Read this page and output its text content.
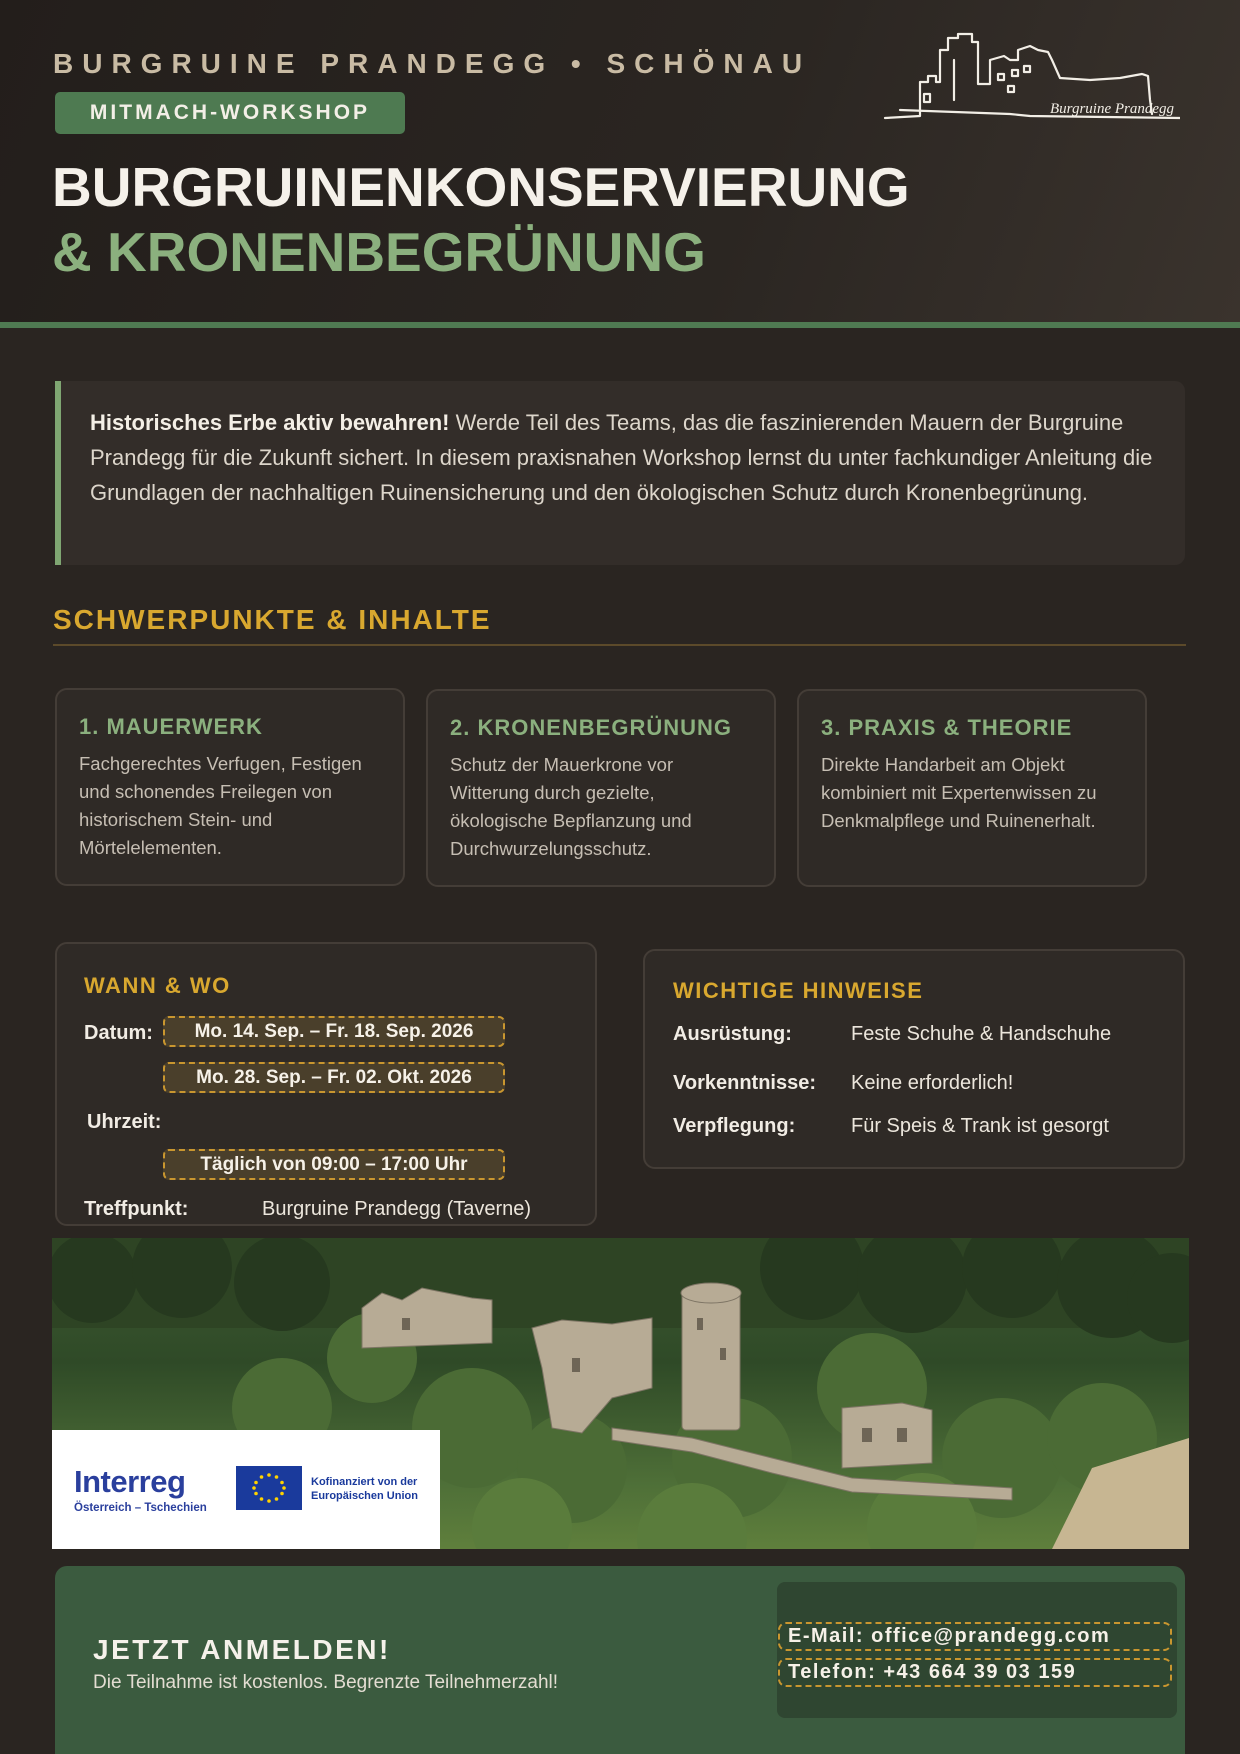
BURGRUINE PRANDEGG • SCHÖNAU
MITMACH-WORKSHOP
BURGRUINENKONSERVIERUNG
& KRONENBEGRÜNUNG
Burgruine Prandegg
Historisches Erbe aktiv bewahren! Werde Teil des Teams, das die faszinierenden Mauern der Burgruine Prandegg für die Zukunft sichert. In diesem praxisnahen Workshop lernst du unter fachkundiger Anleitung die Grundlagen der nachhaltigen Ruinensicherung und den ökologischen Schutz durch Kronenbegrünung.
SCHWERPUNKTE & INHALTE
1. MAUERWERK

Fachgerechtes Verfugen, Festigen und schonendes Freilegen von historischem Stein- und Mörtelelementen.

2. KRONENBEGRÜNUNG

Schutz der Mauerkrone vor Witterung durch gezielte, ökologische Bepflanzung und Durchwurzelungsschutz.

3. PRAXIS & THEORIE

Direkte Handarbeit am Objekt kombiniert mit Expertenwissen zu Denkmalpflege und Ruinenerhalt.

WANN & WO
Datum:	Mo. 14. Sep. – Fr. 18. Sep. 2026
Mo. 28. Sep. – Fr. 02. Okt. 2026
Uhrzeit:
Täglich von 09:00 – 17:00 Uhr
Treffpunkt:	Burgruine Prandegg (Taverne)
WICHTIGE HINWEISE
Ausrüstung:	Feste Schuhe & Handschuhe
Vorkenntnisse: Keine erforderlich!
Verpflegung:	Für Speis & Trank ist gesorgt
Interreg
Österreich – Tschechien
Kofinanziert von der
Europäischen Union
JETZT ANMELDEN!
Die Teilnahme ist kostenlos. Begrenzte Teilnehmerzahl!
E-Mail: office@prandegg.com
Telefon: +43 664 39 03 159
